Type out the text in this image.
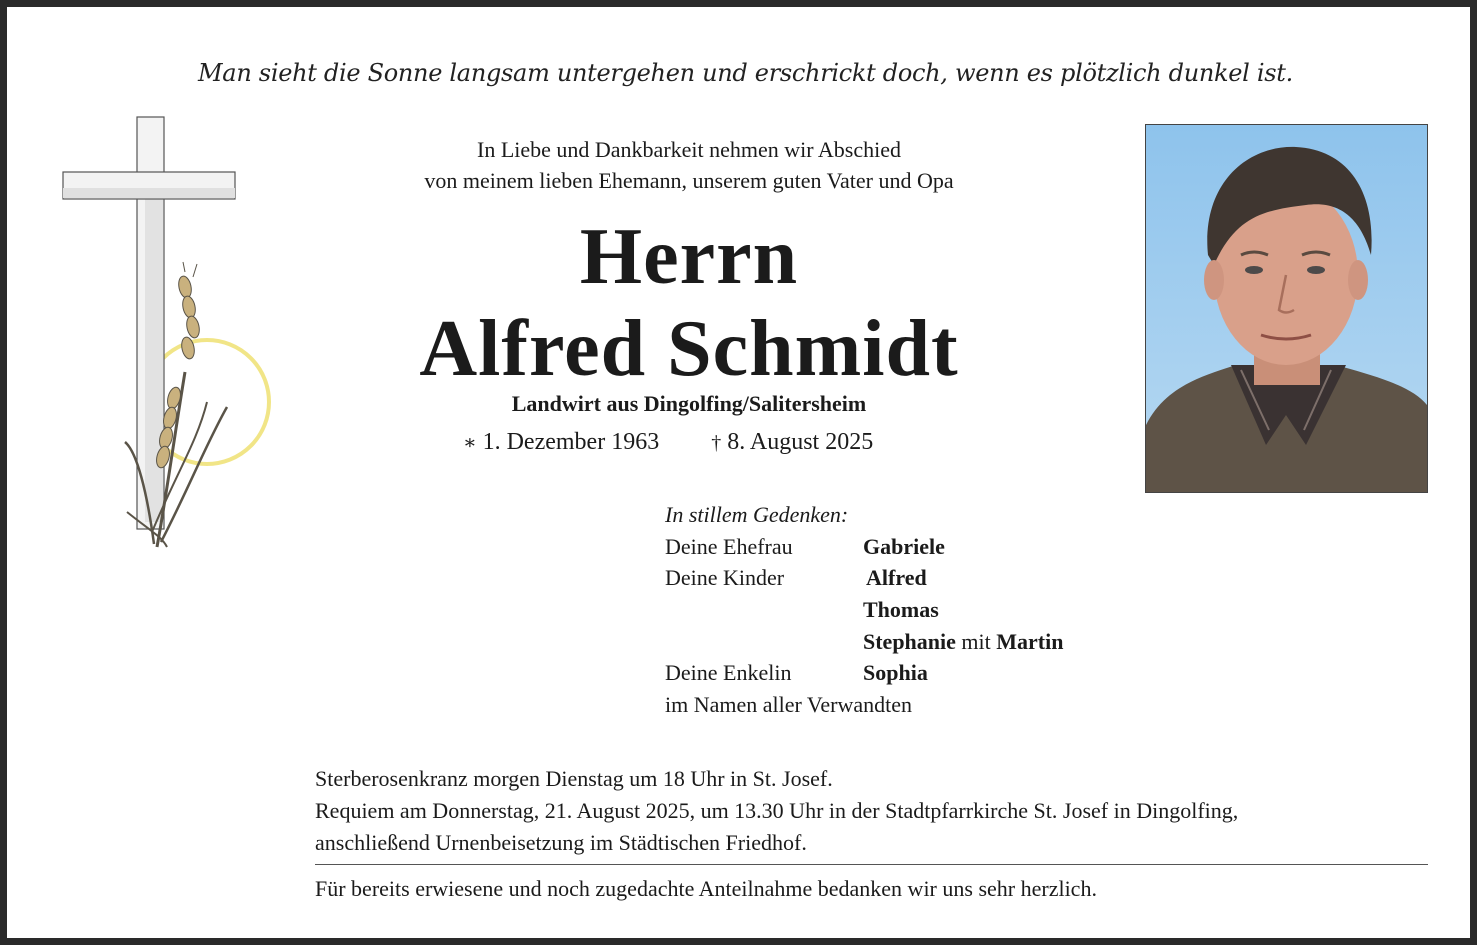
Man sieht die Sonne langsam untergehen und erschrickt doch, wenn es plötzlich dunkel ist.
In Liebe und Dankbarkeit nehmen wir Abschied
von meinem lieben Ehemann, unserem guten Vater und Opa
Herrn
Alfred Schmidt
Landwirt aus Dingolfing/Salitersheim
∗ 1. Dezember 1963	† 8. August 2025
In stillem Gedenken:
Deine Ehefrau	Gabriele
Deine Kinder	Alfred
Thomas
Stephanie mit Martin
Deine Enkelin	Sophia
im Namen aller Verwandten
Sterberosenkranz morgen Dienstag um 18 Uhr in St. Josef.
Requiem am Donnerstag, 21. August 2025, um 13.30 Uhr in der Stadtpfarrkirche St. Josef in Dingolfing,
anschließend Urnenbeisetzung im Städtischen Friedhof.
Für bereits erwiesene und noch zugedachte Anteilnahme bedanken wir uns sehr herzlich.
